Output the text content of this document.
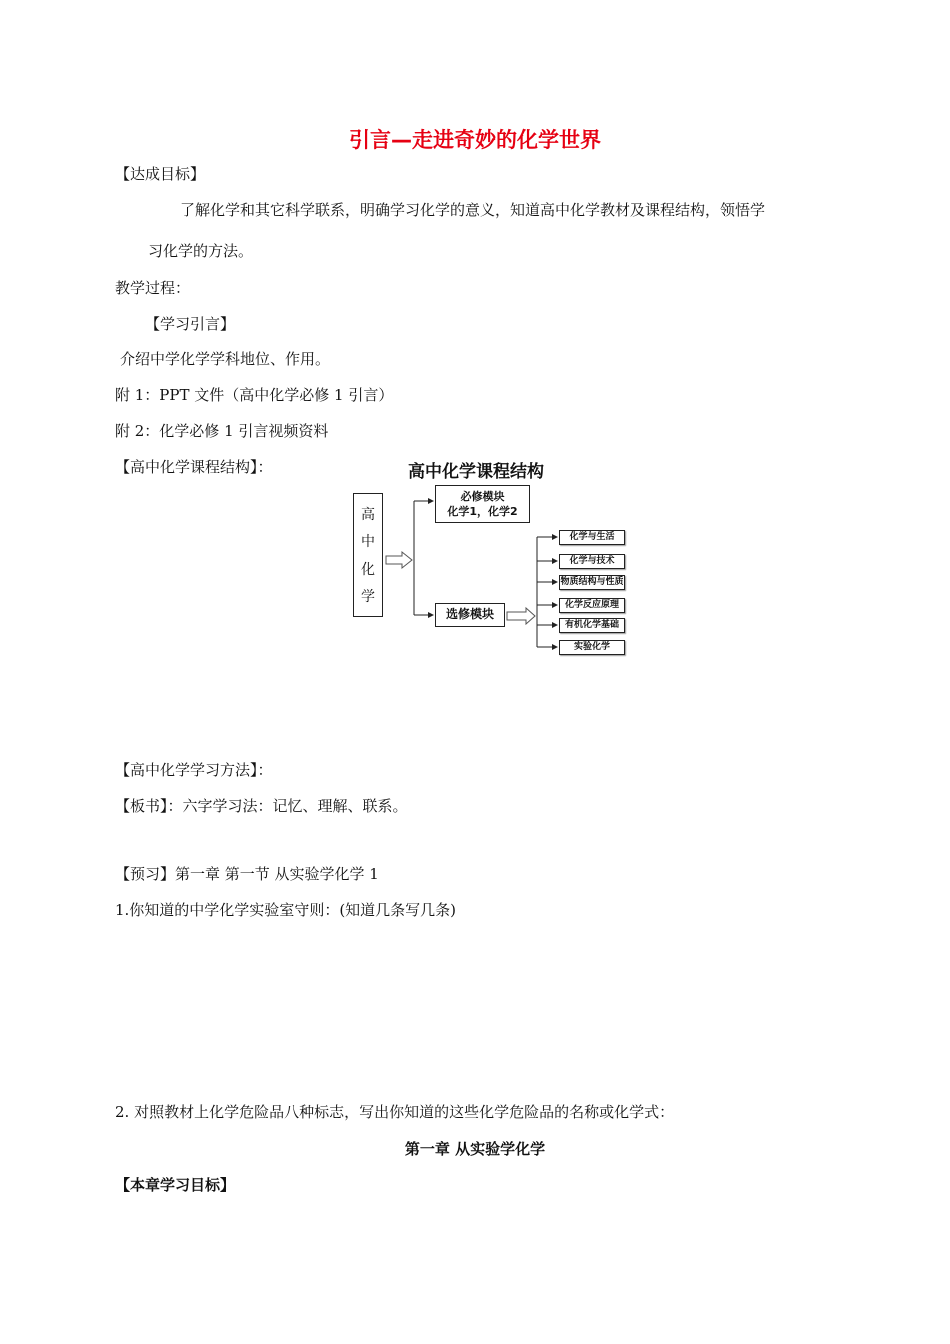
引言—走进奇妙的化学世界
【达成目标】
了解化学和其它科学联系，明确学习化学的意义，知道高中化学教材及课程结构，领悟学
习化学的方法。
教学过程：
【学习引言】
介绍中学化学学科地位、作用。
附 1：PPT 文件（高中化学必修 1 引言）
附 2：化学必修 1 引言视频资料
【高中化学课程结构】：	高中化学课程结构
高
中
化
学
必修模块
化学1，化学2
选修模块
化学与生活
化学与技术
物质结构与性质
化学反应原理
有机化学基础
实验化学
【高中化学学习方法】：
【板书】：六字学习法：记忆、理解、联系。
【预习】第一章 第一节 从实验学化学 1
1.你知道的中学化学实验室守则：(知道几条写几条)
2. 对照教材上化学危险品八种标志，写出你知道的这些化学危险品的名称或化学式：
第一章 从实验学化学
【本章学习目标】
